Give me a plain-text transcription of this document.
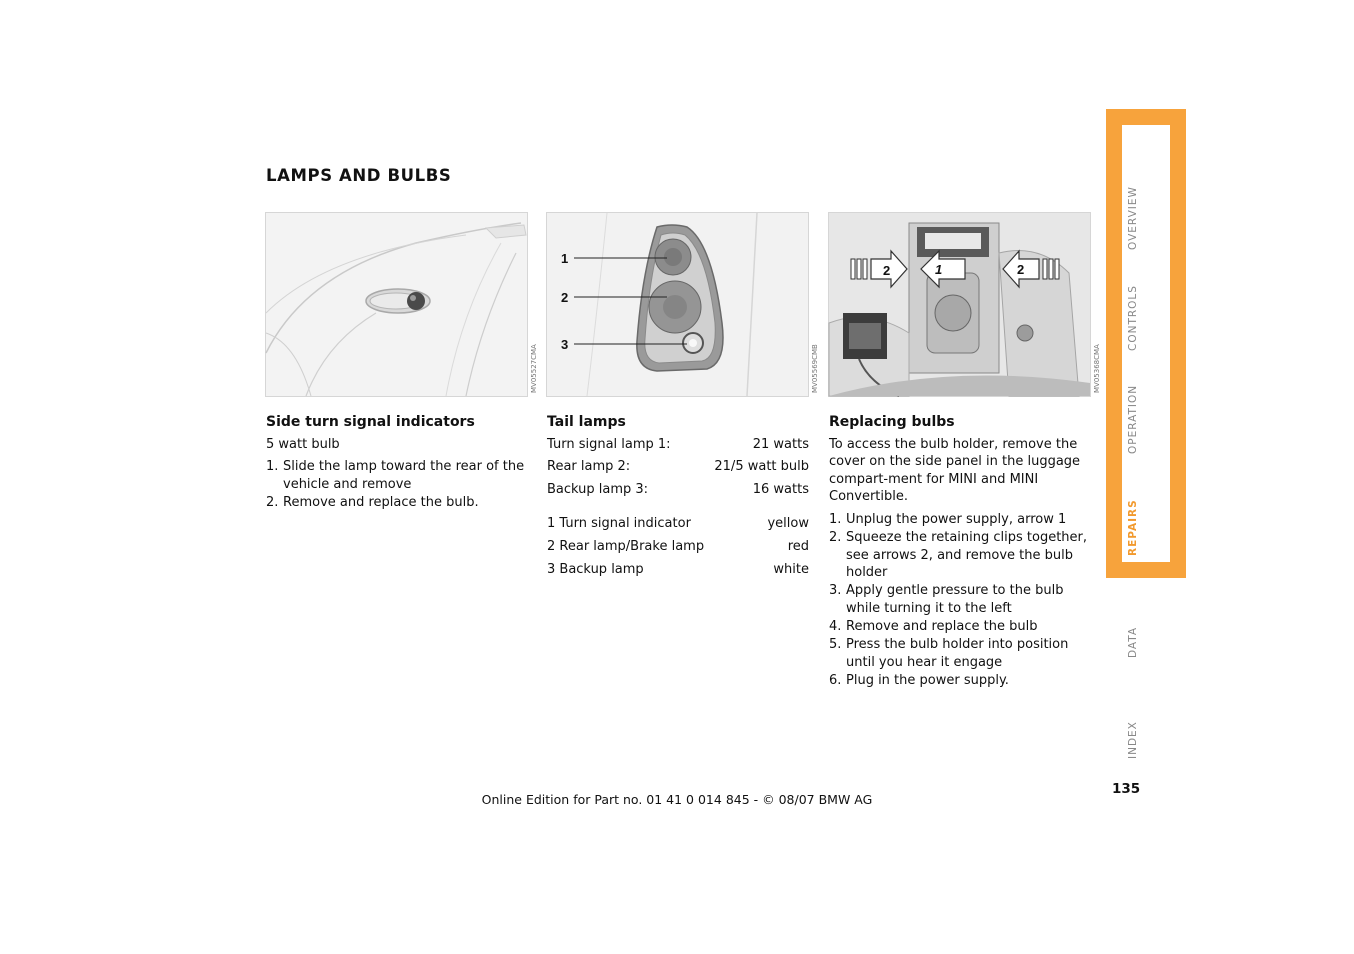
OVERVIEW
CONTROLS
OPERATION
REPAIRS
DATA
INDEX
LAMPS AND BULBS
MV05527CMA
1
2
3	MV05569CMB
2	1	2
MV05368CMA
Side turn signal indicators

5 watt bulb

1. Slide the lamp toward the rear of the vehicle and remove
2. Remove and replace the bulb.
Tail lamps
Turn signal lamp 1:	21 watts
Rear lamp 2:	21/5 watt bulb
Backup lamp 3:	16 watts
1 Turn signal indicator	yellow
2 Rear lamp/Brake lamp	red
3 Backup lamp	white
Replacing bulbs

To access the bulb holder, remove the cover on the side panel in the luggage compart-ment for MINI and MINI Convertible.

1. Unplug the power supply, arrow 1
2. Squeeze the retaining clips together, see arrows 2, and remove the bulb holder
3. Apply gentle pressure to the bulb while turning it to the left
4. Remove and replace the bulb
5. Press the bulb holder into position until you hear it engage
6. Plug in the power supply.
135
Online Edition for Part no. 01 41 0 014 845 - © 08/07 BMW AG
